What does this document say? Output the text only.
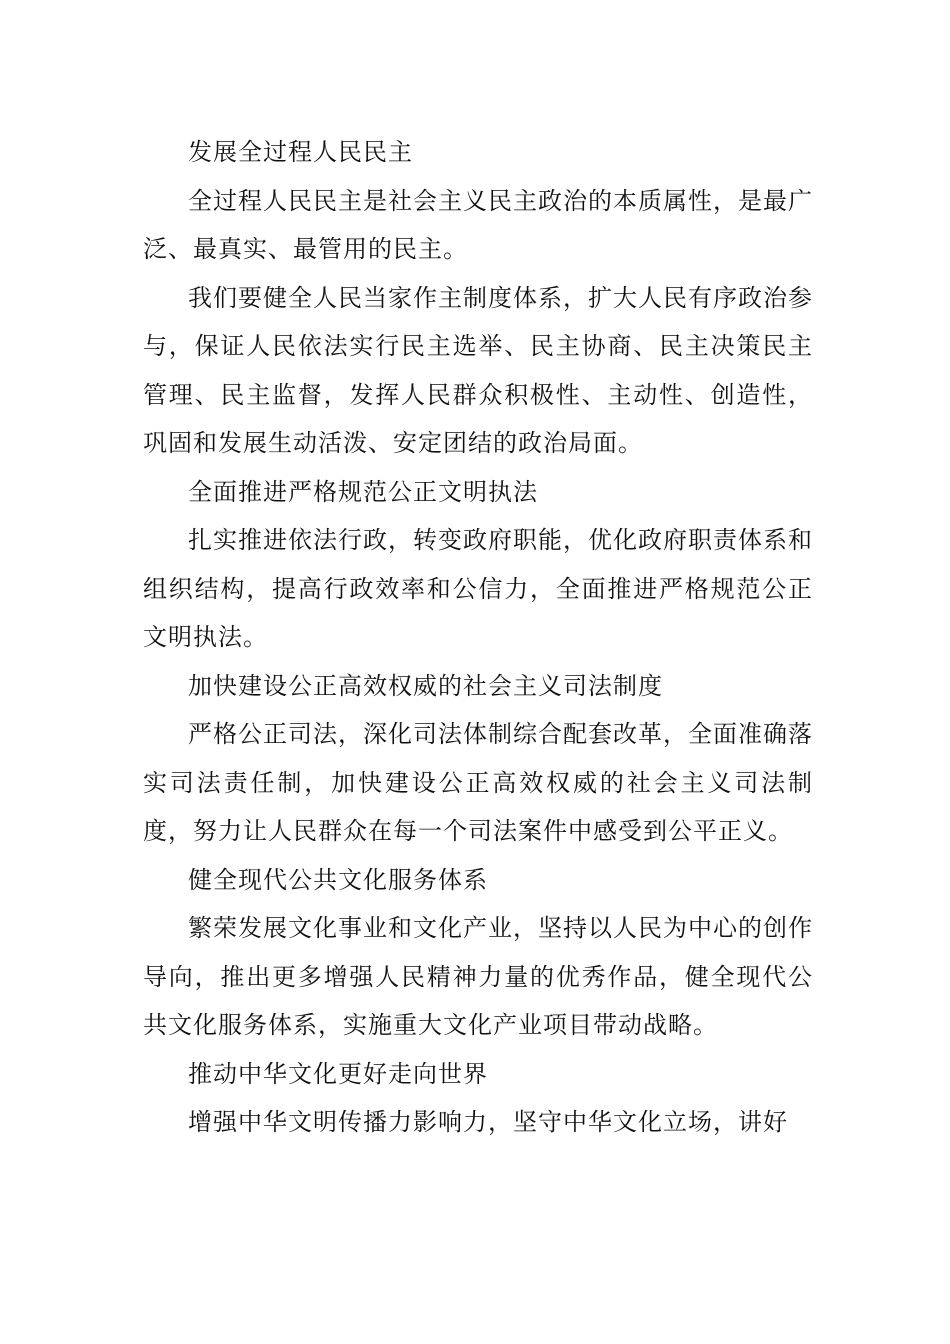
发展全过程人民民主

全过程人民民主是社会主义民主政治的本质属性，是最广泛、最真实、最管用的民主。

我们要健全人民当家作主制度体系，扩大人民有序政治参与，保证人民依法实行民主选举、民主协商、民主决策民主管理、民主监督，发挥人民群众积极性、主动性、创造性，巩固和发展生动活泼、安定团结的政治局面。

全面推进严格规范公正文明执法

扎实推进依法行政，转变政府职能，优化政府职责体系和组织结构，提高行政效率和公信力，全面推进严格规范公正文明执法。

加快建设公正高效权威的社会主义司法制度

严格公正司法，深化司法体制综合配套改革，全面准确落实司法责任制，加快建设公正高效权威的社会主义司法制度，努力让人民群众在每一个司法案件中感受到公平正义。

健全现代公共文化服务体系

繁荣发展文化事业和文化产业，坚持以人民为中心的创作导向，推出更多增强人民精神力量的优秀作品，健全现代公共文化服务体系，实施重大文化产业项目带动战略。

推动中华文化更好走向世界

增强中华文明传播力影响力，坚守中华文化立场，讲好
